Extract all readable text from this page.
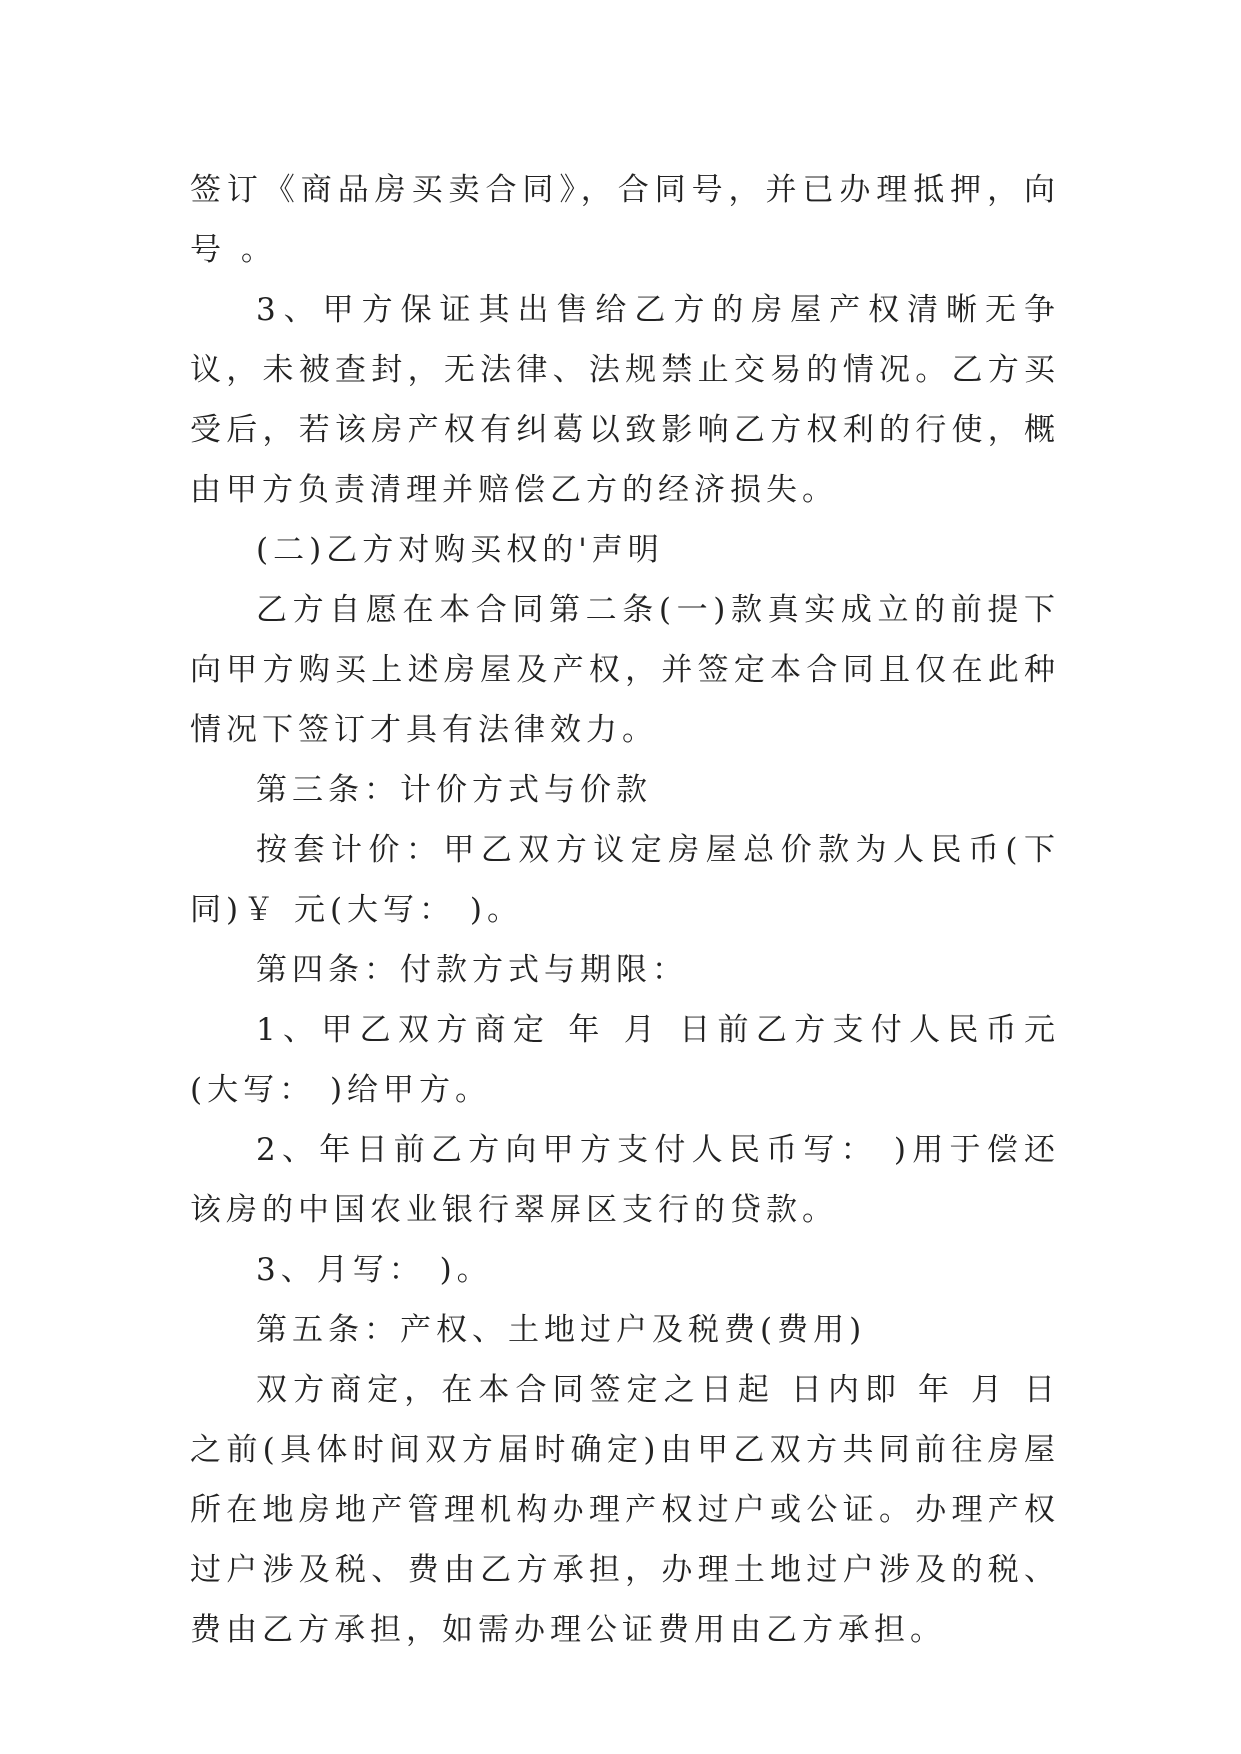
签订《商品房买卖合同》，合同号，并已办理抵押，向号 。

3、甲方保证其出售给乙方的房屋产权清晰无争议，未被查封，无法律、法规禁止交易的情况。乙方买受后，若该房产权有纠葛以致影响乙方权利的行使，概由甲方负责清理并赔偿乙方的经济损失。

(二)乙方对购买权的'声明

乙方自愿在本合同第二条(一)款真实成立的前提下向甲方购买上述房屋及产权，并签定本合同且仅在此种情况下签订才具有法律效力。

第三条：计价方式与价款

按套计价：甲乙双方议定房屋总价款为人民币(下同)￥ 元(大写： )。

第四条：付款方式与期限：

1、甲乙双方商定 年 月 日前乙方支付人民币元(大写： )给甲方。

2、年日前乙方向甲方支付人民币写： )用于偿还该房的中国农业银行翠屏区支行的贷款。

3、月写： )。

第五条：产权、土地过户及税费(费用)

双方商定，在本合同签定之日起 日内即 年 月 日之前(具体时间双方届时确定)由甲乙双方共同前往房屋所在地房地产管理机构办理产权过户或公证。办理产权过户涉及税、费由乙方承担，办理土地过户涉及的税、费由乙方承担，如需办理公证费用由乙方承担。
